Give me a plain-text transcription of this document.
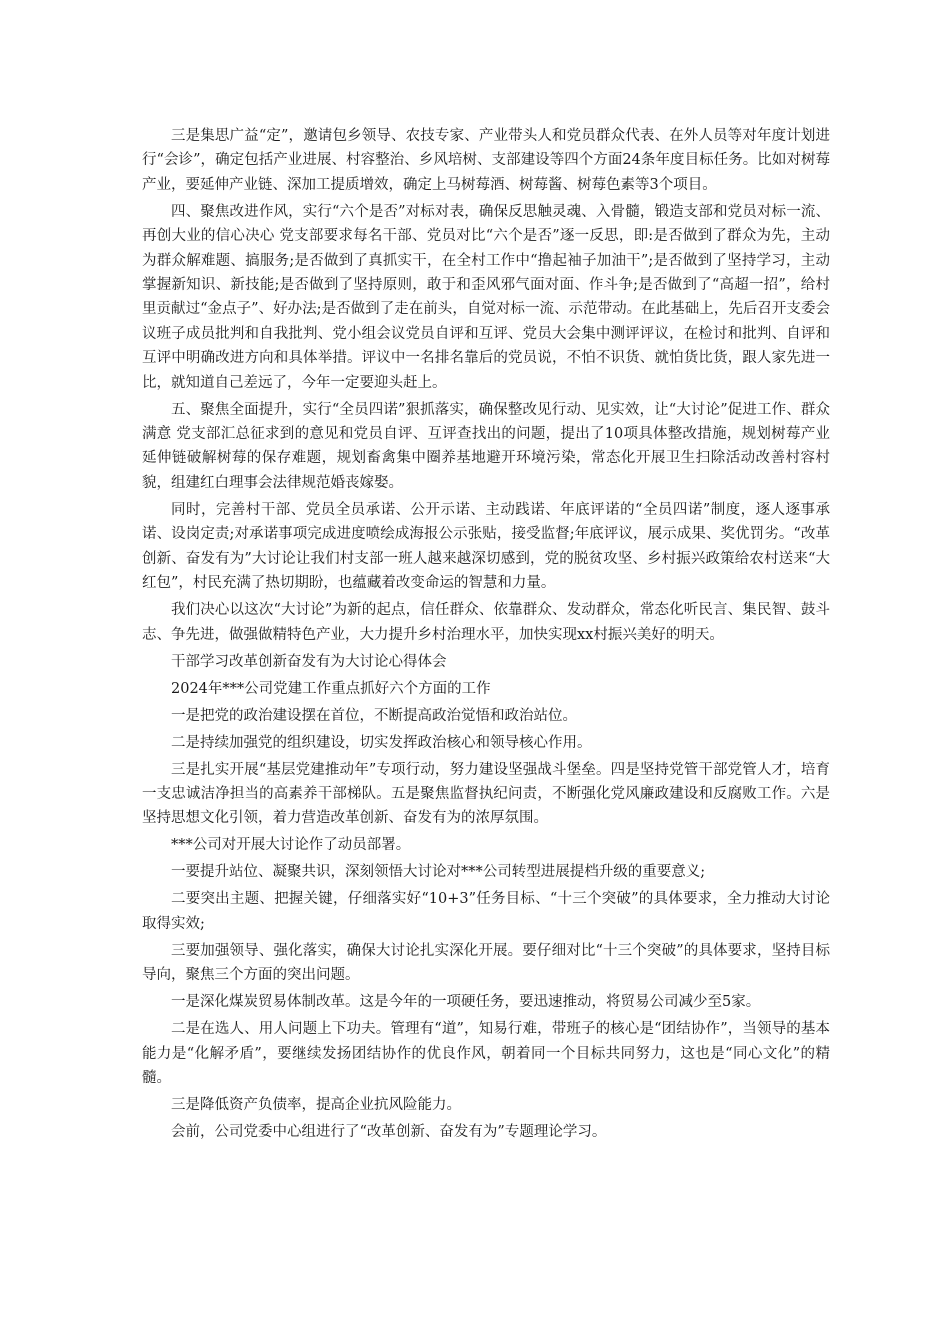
三是集思广益“定”，邀请包乡领导、农技专家、产业带头人和党员群众代表、在外人员等对年度计划进行“会诊”，确定包括产业进展、村容整治、乡风培树、支部建设等四个方面24条年度目标任务。比如对树莓产业，要延伸产业链、深加工提质增效，确定上马树莓酒、树莓酱、树莓色素等3个项目。

四、聚焦改进作风，实行“六个是否”对标对表，确保反思触灵魂、入骨髓，锻造支部和党员对标一流、再创大业的信心决心 党支部要求每名干部、党员对比“六个是否”逐一反思，即:是否做到了群众为先，主动为群众解难题、搞服务;是否做到了真抓实干，在全村工作中“撸起袖子加油干”;是否做到了坚持学习，主动掌握新知识、新技能;是否做到了坚持原则，敢于和歪风邪气面对面、作斗争;是否做到了“高超一招”，给村里贡献过“金点子”、好办法;是否做到了走在前头，自觉对标一流、示范带动。在此基础上，先后召开支委会议班子成员批判和自我批判、党小组会议党员自评和互评、党员大会集中测评评议，在检讨和批判、自评和互评中明确改进方向和具体举措。评议中一名排名靠后的党员说，不怕不识货、就怕货比货，跟人家先进一比，就知道自己差远了，今年一定要迎头赶上。

五、聚焦全面提升，实行“全员四诺”狠抓落实，确保整改见行动、见实效，让“大讨论”促进工作、群众满意 党支部汇总征求到的意见和党员自评、互评查找出的问题，提出了10项具体整改措施，规划树莓产业延伸链破解树莓的保存难题，规划畜禽集中圈养基地避开环境污染，常态化开展卫生扫除活动改善村容村貌，组建红白理事会法律规范婚丧嫁娶。

同时，完善村干部、党员全员承诺、公开示诺、主动践诺、年底评诺的“全员四诺”制度，逐人逐事承诺、设岗定责;对承诺事项完成进度喷绘成海报公示张贴，接受监督;年底评议，展示成果、奖优罚劣。“改革创新、奋发有为”大讨论让我们村支部一班人越来越深切感到，党的脱贫攻坚、乡村振兴政策给农村送来“大红包”，村民充满了热切期盼，也蕴藏着改变命运的智慧和力量。

我们决心以这次“大讨论”为新的起点，信任群众、依靠群众、发动群众，常态化听民言、集民智、鼓斗志、争先进，做强做精特色产业，大力提升乡村治理水平，加快实现xx村振兴美好的明天。

干部学习改革创新奋发有为大讨论心得体会

2024年***公司党建工作重点抓好六个方面的工作

一是把党的政治建设摆在首位，不断提高政治觉悟和政治站位。

二是持续加强党的组织建设，切实发挥政治核心和领导核心作用。

三是扎实开展“基层党建推动年”专项行动，努力建设坚强战斗堡垒。四是坚持党管干部党管人才，培育一支忠诚洁净担当的高素养干部梯队。五是聚焦监督执纪问责，不断强化党风廉政建设和反腐败工作。六是坚持思想文化引领，着力营造改革创新、奋发有为的浓厚氛围。

***公司对开展大讨论作了动员部署。

一要提升站位、凝聚共识，深刻领悟大讨论对***公司转型进展提档升级的重要意义;

二要突出主题、把握关键，仔细落实好“10+3”任务目标、“十三个突破”的具体要求，全力推动大讨论取得实效;

三要加强领导、强化落实，确保大讨论扎实深化开展。要仔细对比“十三个突破”的具体要求，坚持目标导向，聚焦三个方面的突出问题。

一是深化煤炭贸易体制改革。这是今年的一项硬任务，要迅速推动，将贸易公司减少至5家。

二是在选人、用人问题上下功夫。管理有“道”，知易行难，带班子的核心是“团结协作”，当领导的基本能力是“化解矛盾”，要继续发扬团结协作的优良作风，朝着同一个目标共同努力，这也是“同心文化”的精髓。

三是降低资产负债率，提高企业抗风险能力。

会前，公司党委中心组进行了“改革创新、奋发有为”专题理论学习。
